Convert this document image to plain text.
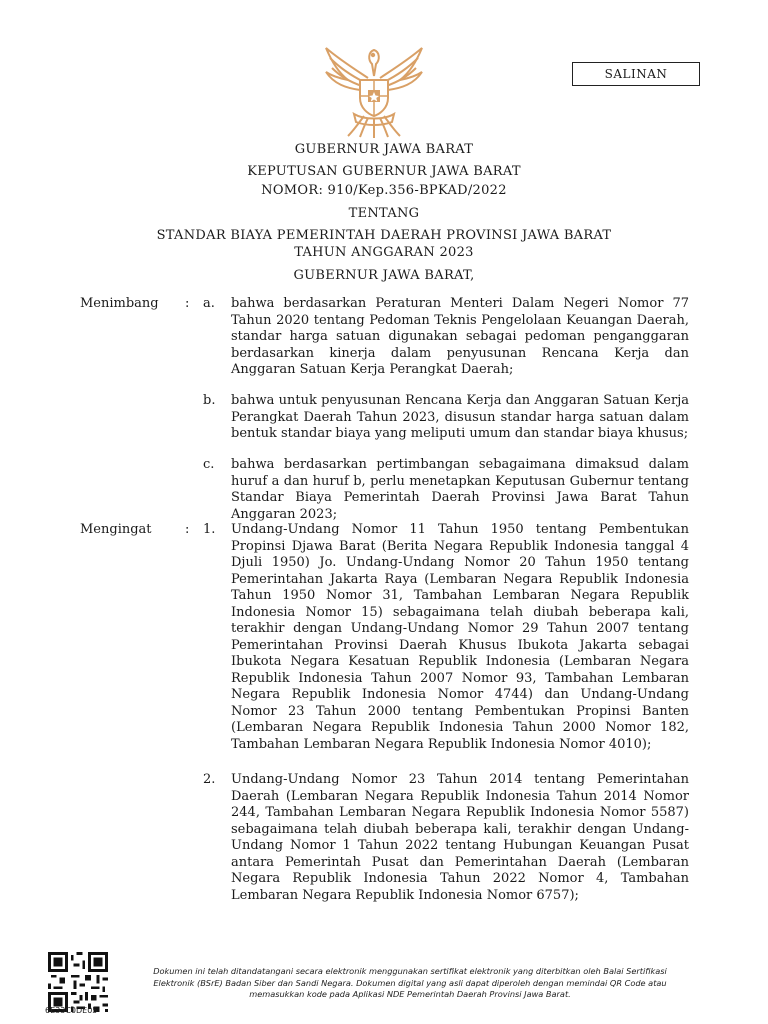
SALINAN
GUBERNUR JAWA BARAT
KEPUTUSAN GUBERNUR JAWA BARAT
NOMOR: 910/Kep.356-BPKAD/2022
TENTANG
STANDAR BIAYA PEMERINTAH DAERAH PROVINSI JAWA BARAT
TAHUN ANGGARAN 2023
GUBERNUR JAWA BARAT,
Menimbang : a. bahwa berdasarkan Peraturan Menteri Dalam Negeri Nomor 77 Tahun 2020 tentang Pedoman Teknis Pengelolaan Keuangan Daerah, standar harga satuan digunakan sebagai pedoman penganggaran berdasarkan kinerja dalam penyusunan Rencana Kerja dan Anggaran Satuan Kerja Perangkat Daerah;
b. bahwa untuk penyusunan Rencana Kerja dan Anggaran Satuan Kerja Perangkat Daerah Tahun 2023, disusun standar harga satuan dalam bentuk standar biaya yang meliputi umum dan standar biaya khusus;
c. bahwa berdasarkan pertimbangan sebagaimana dimaksud dalam huruf a dan huruf b, perlu menetapkan Keputusan Gubernur tentang Standar Biaya Pemerintah Daerah Provinsi Jawa Barat Tahun Anggaran 2023;
Mengingat	: 1. Undang-Undang Nomor 11 Tahun 1950 tentang Pembentukan Propinsi Djawa Barat (Berita Negara Republik Indonesia tanggal 4 Djuli 1950) Jo. Undang-Undang Nomor 20 Tahun 1950 tentang Pemerintahan Jakarta Raya (Lembaran Negara Republik Indonesia Tahun 1950 Nomor 31, Tambahan Lembaran Negara Republik Indonesia Nomor 15) sebagaimana telah diubah beberapa kali, terakhir dengan Undang-Undang Nomor 29 Tahun 2007 tentang Pemerintahan Provinsi Daerah Khusus Ibukota Jakarta sebagai Ibukota Negara Kesatuan Republik Indonesia (Lembaran Negara Republik Indonesia Tahun 2007 Nomor 93, Tambahan Lembaran Negara Republik Indonesia Nomor 4744) dan Undang-Undang Nomor 23 Tahun 2000 tentang Pembentukan Propinsi Banten (Lembaran Negara Republik Indonesia Tahun 2000 Nomor 182, Tambahan Lembaran Negara Republik Indonesia Nomor 4010);
2. Undang-Undang Nomor 23 Tahun 2014 tentang Pemerintahan Daerah (Lembaran Negara Republik Indonesia Tahun 2014 Nomor 244, Tambahan Lembaran Negara Republik Indonesia Nomor 5587) sebagaimana telah diubah beberapa kali, terakhir dengan Undang-Undang Nomor 1 Tahun 2022 tentang Hubungan Keuangan Pusat antara Pemerintah Pusat dan Pemerintahan Daerah (Lembaran Negara Republik Indonesia Tahun 2022 Nomor 4, Tambahan Lembaran Negara Republik Indonesia Nomor 6757);
6E33C0DE05
Dokumen ini telah ditandatangani secara elektronik menggunakan sertifikat elektronik yang diterbitkan oleh Balai Sertifikasi
Elektronik (BSrE) Badan Siber dan Sandi Negara. Dokumen digital yang asli dapat diperoleh dengan memindai QR Code atau
memasukkan kode pada Aplikasi NDE Pemerintah Daerah Provinsi Jawa Barat.
